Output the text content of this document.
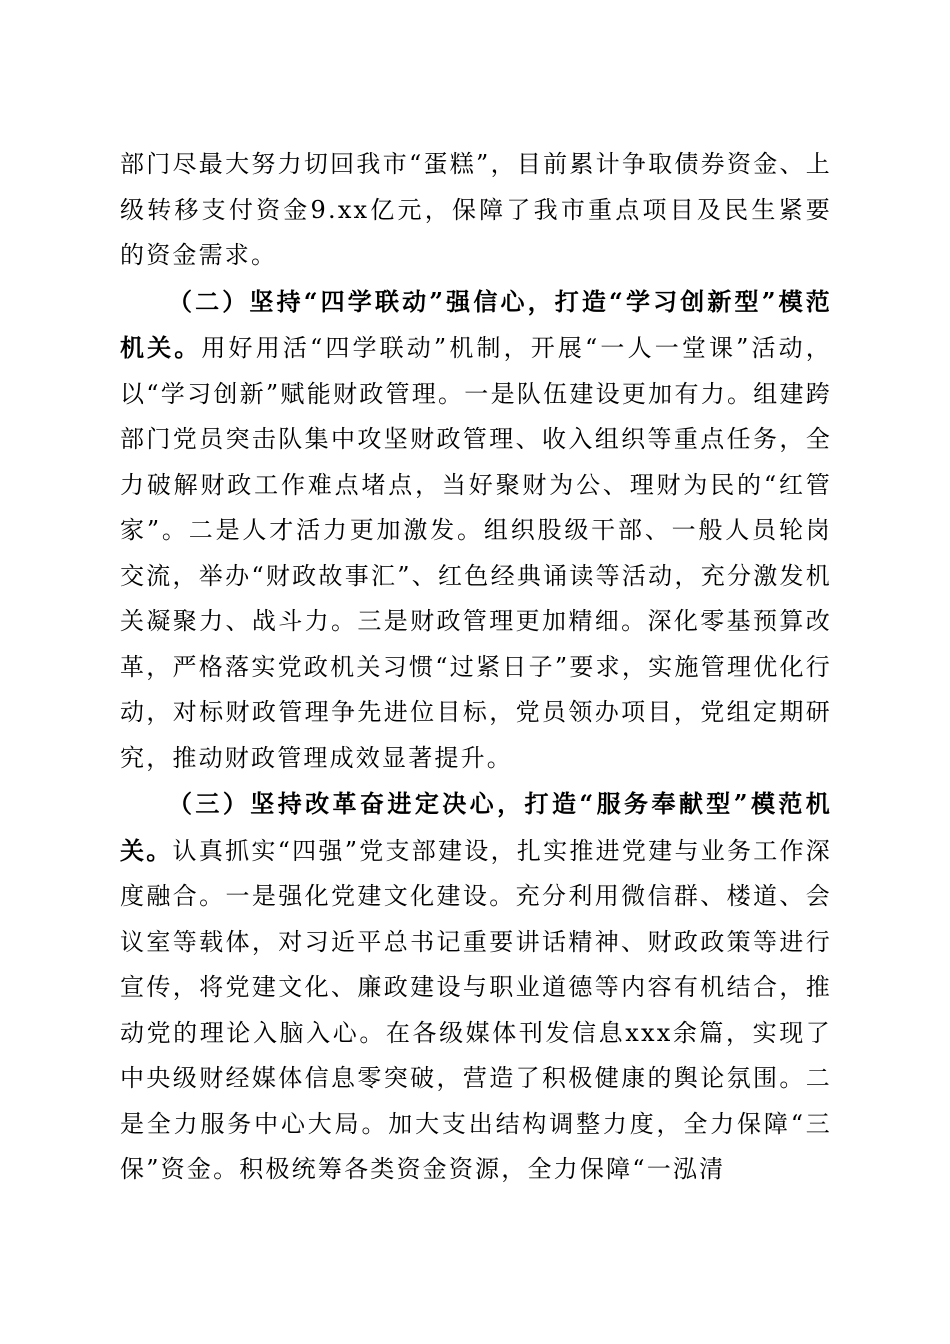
部门尽最大努力切回我市“蛋糕”，目前累计争取债券资金、上级转移支付资金9.xx亿元，保障了我市重点项目及民生紧要的资金需求。

（二）坚持“四学联动”强信心，打造“学习创新型”模范机关。用好用活“四学联动”机制，开展“一人一堂课”活动，以“学习创新”赋能财政管理。一是队伍建设更加有力。组建跨部门党员突击队集中攻坚财政管理、收入组织等重点任务，全力破解财政工作难点堵点，当好聚财为公、理财为民的“红管家”。二是人才活力更加激发。组织股级干部、一般人员轮岗交流，举办“财政故事汇”、红色经典诵读等活动，充分激发机关凝聚力、战斗力。三是财政管理更加精细。深化零基预算改革，严格落实党政机关习惯“过紧日子”要求，实施管理优化行动，对标财政管理争先进位目标，党员领办项目，党组定期研究，推动财政管理成效显著提升。

（三）坚持改革奋进定决心，打造“服务奉献型”模范机关。认真抓实“四强”党支部建设，扎实推进党建与业务工作深度融合。一是强化党建文化建设。充分利用微信群、楼道、会议室等载体，对习近平总书记重要讲话精神、财政政策等进行宣传，将党建文化、廉政建设与职业道德等内容有机结合，推动党的理论入脑入心。在各级媒体刊发信息xxx余篇，实现了中央级财经媒体信息零突破，营造了积极健康的舆论氛围。二是全力服务中心大局。加大支出结构调整力度，全力保障“三保”资金。积极统筹各类资金资源，全力保障“一泓清
